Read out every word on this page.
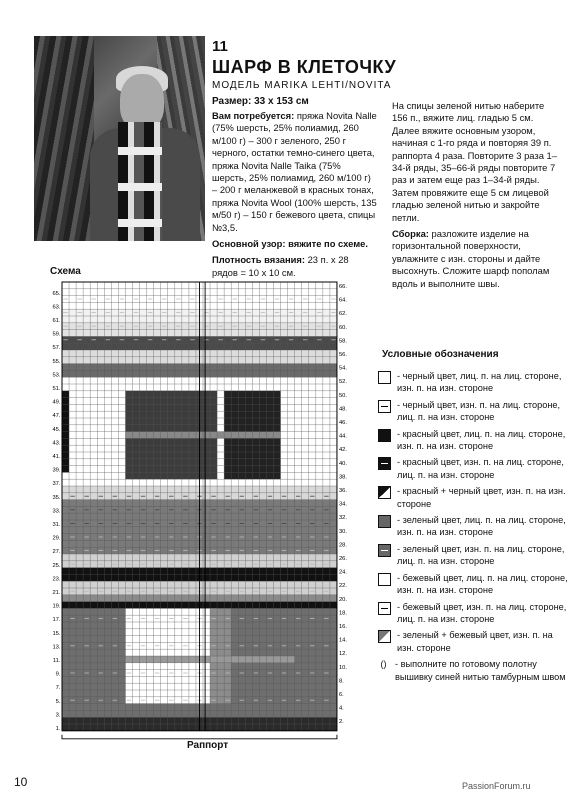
11
ШАРФ В КЛЕТОЧКУ
МОДЕЛЬ MARIKA LEHTI/NOVITA
Размер: 33 х 153 см

Вам потребуется: пряжа Novita Nalle (75% шерсть, 25% полиамид, 260 м/100 г) – 300 г зеленого, 250 г черного, остатки темно-синего цвета, пряжа Novita Nalle Taika (75% шерсть, 25% полиамид, 260 м/100 г) – 200 г меланжевой в красных тонах, пряжа Novita Wool (100% шерсть, 135 м/50 г) – 150 г бежевого цвета, спицы №3,5.

Основной узор: вяжите по схеме.

Плотность вязания: 23 п. х 28 рядов = 10 х 10 см.

На спицы зеленой нитью наберите 156 п., вяжите лиц. гладью 5 см. Далее вяжите основным узором, начиная с 1-го ряда и повторяя 39 п. раппорта 4 раза. Повторите 3 раза 1–34-й ряды, 35–66-й ряды повторите 7 раз и затем еще раз 1–34-й ряды. Затем провяжите еще 5 см лицевой гладью зеленой нитью и закройте петли.

Сборка: разложите изделие на горизонтальной поверхности, увлажните с изн. стороны и дайте высохнуть. Сложите шарф пополам вдоль и выполните швы.

Схема
65.
63.
61.
59.
57.
55.
53.
51.
49.
47.
45.
43.
41.
39.
37.
35.
33.
31.
29.
27.
25.
23.
21.
19.
17.
15.
13.
11.
9.
7.
5.
3.
1.
66.
64.
62.
60.
58.
56.
54.
52.
50.
48.
46.
44.
42.
40.
38.
36.
34.
32.
30.
28.
26.
24.
22.
20.
18.
16.
14.
12.
10.
8.
6.
4.
2.
Раппорт
Условные обозначения
- черный цвет, лиц. п. на лиц. стороне, изн. п. на изн. стороне
- черный цвет, изн. п. на лиц. стороне, лиц. п. на изн. стороне
- красный цвет, лиц. п. на лиц. стороне, изн. п. на изн. стороне
- красный цвет, изн. п. на лиц. стороне, лиц. п. на изн. стороне
- красный + черный цвет, изн. п. на изн. стороне
- зеленый цвет, лиц. п. на лиц. стороне, изн. п. на изн. стороне
- зеленый цвет, изн. п. на лиц. стороне, лиц. п. на изн. стороне
- бежевый цвет, лиц. п. на лиц. стороне, изн. п. на изн. стороне
- бежевый цвет, изн. п. на лиц. стороне, лиц. п. на изн. стороне
- зеленый + бежевый цвет, изн. п. на изн. стороне
() - выполните по готовому полотну вышивку синей нитью тамбурным швом
10	PassionForum.ru
